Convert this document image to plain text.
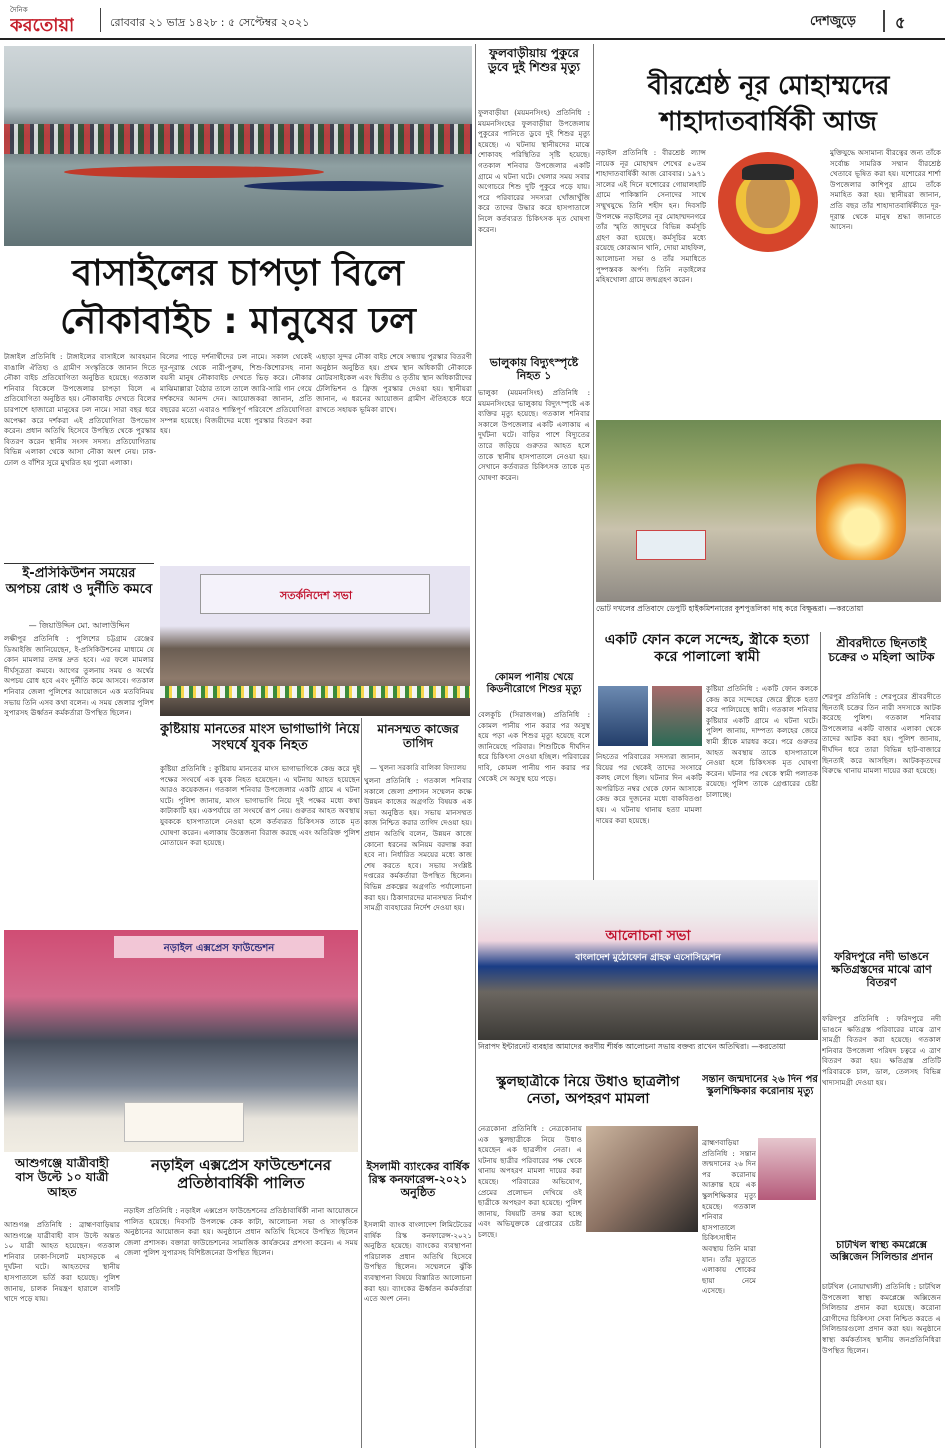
দৈনিক
করতোয়া	রোববার ২১ ভাদ্র ১৪২৮ : ৫ সেপ্টেম্বর ২০২১	দেশজুড়ে ৫
বাসাইলের চাপড়া বিলে নৌকাবাইচ : মানুষের ঢল
টাঙ্গাইল প্রতিনিধি : টাঙ্গাইলের বাসাইলে আবহমান বাঙালি ঐতিহ্য ও গ্রামীণ সংস্কৃতিকে জানান দিতে নৌকা বাইচ প্রতিযোগিতা অনুষ্ঠিত হয়েছে। গতকাল শনিবার বিকেলে উপজেলার চাপড়া বিলে এ প্রতিযোগিতা অনুষ্ঠিত হয়। নৌকাবাইচ দেখতে বিলের চারপাশে হাজারো মানুষের ঢল নামে। সারা বছর ধরে অপেক্ষা করে দর্শকরা এই প্রতিযোগিতা উপভোগ করেন। প্রধান অতিথি হিসেবে উপস্থিত থেকে পুরস্কার বিতরণ করেন স্থানীয় সংসদ সদস্য। প্রতিযোগিতায় বিভিন্ন এলাকা থেকে আসা নৌকা অংশ নেয়। ঢাক-ঢোল ও বাঁশির সুরে মুখরিত হয় পুরো এলাকা।
বিলের পাড়ে দর্শনার্থীদের ঢল নামে। সকাল থেকেই দূর-দূরান্ত থেকে নারী-পুরুষ, শিশু-কিশোরসহ নানা বয়সী মানুষ নৌকাবাইচ দেখতে ভিড় করে। নৌকার মাঝিমাল্লারা বৈঠার তালে তালে জারি-সারি গান গেয়ে দর্শকদের আনন্দ দেন। আয়োজকরা জানান, প্রতি বছরের মতো এবারও শান্তিপূর্ণ পরিবেশে প্রতিযোগিতা সম্পন্ন হয়েছে। বিজয়ীদের মধ্যে পুরস্কার বিতরণ করা হয়।
এছাড়া সুন্দর নৌকা বাইচ শেষে সন্ধ্যায় পুরস্কার বিতরণী অনুষ্ঠান অনুষ্ঠিত হয়। প্রথম স্থান অধিকারী নৌকাকে মোটরসাইকেল এবং দ্বিতীয় ও তৃতীয় স্থান অধিকারীদের টেলিভিশন ও ফ্রিজ পুরস্কার দেওয়া হয়। স্থানীয়রা জানান, এ ধরনের আয়োজন গ্রামীণ ঐতিহ্যকে ধরে রাখতে সহায়ক ভূমিকা রাখে।
ই-প্রসিকিউশন সময়ের অপচয় রোধ ও দুর্নীতি কমবে
— জিয়াউদ্দিন মো. আলাউদ্দিন
লক্ষীপুর প্রতিনিধি : পুলিশের চট্টগ্রাম রেঞ্জের ডিআইজি জানিয়েছেন, ই-প্রসিকিউশনের মাধ্যমে যে কোন মামলার তদন্ত দ্রুত হবে। এর ফলে মামলার দীর্ঘসূত্রতা কমবে। আগের তুলনায় সময় ও অর্থের অপচয় রোধ হবে এবং দুর্নীতি কমে আসবে। গতকাল শনিবার জেলা পুলিশের আয়োজনে এক মতবিনিময় সভায় তিনি এসব কথা বলেন। এ সময় জেলার পুলিশ সুপারসহ ঊর্ধ্বতন কর্মকর্তারা উপস্থিত ছিলেন।
সতর্কনিদেশ সভা
কুষ্টিয়ায় মানতের মাংস ভাগাভাগি নিয়ে সংঘর্ষে যুবক নিহত
কুষ্টিয়া প্রতিনিধি : কুষ্টিয়ায় মানতের মাংস ভাগাভাগিকে কেন্দ্র করে দুই পক্ষের সংঘর্ষে এক যুবক নিহত হয়েছেন। এ ঘটনায় আহত হয়েছেন আরও কয়েকজন। গতকাল শনিবার উপজেলার একটি গ্রামে এ ঘটনা ঘটে। পুলিশ জানায়, মাংস ভাগাভাগি নিয়ে দুই পক্ষের মধ্যে কথা কাটাকাটি হয়। একপর্যায়ে তা সংঘর্ষে রূপ নেয়। গুরুতর আহত অবস্থায় যুবককে হাসপাতালে নেওয়া হলে কর্তব্যরত চিকিৎসক তাকে মৃত ঘোষণা করেন। এলাকায় উত্তেজনা বিরাজ করছে এবং অতিরিক্ত পুলিশ মোতায়েন করা হয়েছে।
মানসম্মত কাজের তাগিদ
— খুলনা সরকারি বালিকা বিদ্যালয়
খুলনা প্রতিনিধি : গতকাল শনিবার সকালে জেলা প্রশাসন সম্মেলন কক্ষে উন্নয়ন কাজের অগ্রগতি বিষয়ক এক সভা অনুষ্ঠিত হয়। সভায় মানসম্মত কাজ নিশ্চিত করার তাগিদ দেওয়া হয়। প্রধান অতিথি বলেন, উন্নয়ন কাজে কোনো ধরনের অনিয়ম বরদাস্ত করা হবে না। নির্ধারিত সময়ের মধ্যে কাজ শেষ করতে হবে। সভায় সংশ্লিষ্ট দপ্তরের কর্মকর্তারা উপস্থিত ছিলেন। বিভিন্ন প্রকল্পের অগ্রগতি পর্যালোচনা করা হয়। ঠিকাদারদের মানসম্মত নির্মাণ সামগ্রী ব্যবহারের নির্দেশ দেওয়া হয়।
নড়াইল এক্সপ্রেস ফাউন্ডেশন
আশুগঞ্জে যাত্রীবাহী বাস উল্টে ১০ যাত্রী আহত
আশুগঞ্জ প্রতিনিধি : ব্রাহ্মণবাড়িয়ার আশুগঞ্জে যাত্রীবাহী বাস উল্টে অন্তত ১০ যাত্রী আহত হয়েছেন। গতকাল শনিবার ঢাকা-সিলেট মহাসড়কে এ দুর্ঘটনা ঘটে। আহতদের স্থানীয় হাসপাতালে ভর্তি করা হয়েছে। পুলিশ জানায়, চালক নিয়ন্ত্রণ হারালে বাসটি খাদে পড়ে যায়।
নড়াইল এক্সপ্রেস ফাউন্ডেশনের প্রতিষ্ঠাবার্ষিকী পালিত
নড়াইল প্রতিনিধি : নড়াইল এক্সপ্রেস ফাউন্ডেশনের প্রতিষ্ঠাবার্ষিকী নানা আয়োজনে পালিত হয়েছে। দিবসটি উপলক্ষে কেক কাটা, আলোচনা সভা ও সাংস্কৃতিক অনুষ্ঠানের আয়োজন করা হয়। অনুষ্ঠানে প্রধান অতিথি হিসেবে উপস্থিত ছিলেন জেলা প্রশাসক। বক্তারা ফাউন্ডেশনের সামাজিক কার্যক্রমের প্রশংসা করেন। এ সময় জেলা পুলিশ সুপারসহ বিশিষ্টজনেরা উপস্থিত ছিলেন।
ইসলামী ব্যাংকের বার্ষিক রিস্ক কনফারেন্স-২০২১ অনুষ্ঠিত
ইসলামী ব্যাংক বাংলাদেশ লিমিটেডের বার্ষিক রিস্ক কনফারেন্স-২০২১ অনুষ্ঠিত হয়েছে। ব্যাংকের ব্যবস্থাপনা পরিচালক প্রধান অতিথি হিসেবে উপস্থিত ছিলেন। সম্মেলনে ঝুঁকি ব্যবস্থাপনা বিষয়ে বিস্তারিত আলোচনা করা হয়। ব্যাংকের ঊর্ধ্বতন কর্মকর্তারা এতে অংশ নেন।
ফুলবাড়ীয়ায় পুকুরে ডুবে দুই শিশুর মৃত্যু
ফুলবাড়ীয়া (ময়মনসিংহ) প্রতিনিধি : ময়মনসিংহের ফুলবাড়ীয়া উপজেলায় পুকুরের পানিতে ডুবে দুই শিশুর মৃত্যু হয়েছে। এ ঘটনায় স্থানীয়দের মাঝে শোকাবহ পরিস্থিতির সৃষ্টি হয়েছে। গতকাল শনিবার উপজেলার একটি গ্রামে এ ঘটনা ঘটে। খেলার সময় সবার অগোচরে শিশু দুটি পুকুরে পড়ে যায়। পরে পরিবারের সদস্যরা খোঁজাখুঁজি করে তাদের উদ্ধার করে হাসপাতালে নিলে কর্তব্যরত চিকিৎসক মৃত ঘোষণা করেন।
ভালুকায় বিদ্যুৎস্পৃষ্টে নিহত ১
ভালুকা (ময়মনসিংহ) প্রতিনিধি : ময়মনসিংহের ভালুকায় বিদ্যুৎস্পৃষ্টে এক ব্যক্তির মৃত্যু হয়েছে। গতকাল শনিবার সকালে উপজেলার একটি এলাকায় এ দুর্ঘটনা ঘটে। বাড়ির পাশে বিদ্যুতের তারে জড়িয়ে গুরুতর আহত হলে তাকে স্থানীয় হাসপাতালে নেওয়া হয়। সেখানে কর্তব্যরত চিকিৎসক তাকে মৃত ঘোষণা করেন।
কোমল পানীয় খেয়ে কিডনীরোগে শিশুর মৃত্যু
বেলকুচি (সিরাজগঞ্জ) প্রতিনিধি : কোমল পানীয় পান করার পর অসুস্থ হয়ে পড়া এক শিশুর মৃত্যু হয়েছে বলে জানিয়েছে পরিবার। শিশুটিকে দীর্ঘদিন ধরে চিকিৎসা দেওয়া হচ্ছিল। পরিবারের দাবি, কোমল পানীয় পান করার পর থেকেই সে অসুস্থ হয়ে পড়ে।
বীরশ্রেষ্ঠ নূর মোহাম্মদের শাহাদাতবার্ষিকী আজ
নড়াইল প্রতিনিধি : বীরশ্রেষ্ঠ ল্যান্স নায়েক নূর মোহাম্মদ শেখের ৫০তম শাহাদাতবার্ষিকী আজ রোববার। ১৯৭১ সালের এই দিনে যশোরের গোয়ালহাটি গ্রামে পাকিস্তানি সেনাদের সাথে সম্মুখযুদ্ধে তিনি শহীদ হন। দিবসটি উপলক্ষে নড়াইলের নূর মোহাম্মদনগরে তাঁর স্মৃতি জাদুঘরে বিভিন্ন কর্মসূচি গ্রহণ করা হয়েছে। কর্মসূচির মধ্যে রয়েছে কোরআন খানি, দোয়া মাহফিল, আলোচনা সভা ও তাঁর সমাধিতে পুষ্পস্তবক অর্পণ। তিনি নড়াইলের মহিষখোলা গ্রামে জন্মগ্রহণ করেন।
মুক্তিযুদ্ধে অসামান্য বীরত্বের জন্য তাঁকে সর্বোচ্চ সামরিক সম্মান বীরশ্রেষ্ঠ খেতাবে ভূষিত করা হয়। যশোরের শার্শা উপজেলার কাশিপুর গ্রামে তাঁকে সমাহিত করা হয়। স্থানীয়রা জানান, প্রতি বছর তাঁর শাহাদাতবার্ষিকীতে দূর-দূরান্ত থেকে মানুষ শ্রদ্ধা জানাতে আসেন।
ভোট দখলের প্রতিবাদে ডেপুটি হাইকমিশনারের কুশপুত্তলিকা দাহ করে বিক্ষুব্ধরা। —করতোয়া
একটি ফোন কলে সন্দেহ, স্ত্রীকে হত্যা করে পালালো স্বামী
কুষ্টিয়া প্রতিনিধি : একটি ফোন কলকে কেন্দ্র করে সন্দেহের জেরে স্ত্রীকে হত্যা করে পালিয়েছে স্বামী। গতকাল শনিবার কুষ্টিয়ার একটি গ্রামে এ ঘটনা ঘটে। পুলিশ জানায়, দাম্পত্য কলহের জেরে স্বামী স্ত্রীকে মারধর করে। পরে গুরুতর আহত অবস্থায় তাকে হাসপাতালে নেওয়া হলে চিকিৎসক মৃত ঘোষণা করেন। ঘটনার পর থেকে স্বামী পলাতক রয়েছে। পুলিশ তাকে গ্রেপ্তারের চেষ্টা চালাচ্ছে।
নিহতের পরিবারের সদস্যরা জানান, বিয়ের পর থেকেই তাদের সংসারে কলহ লেগে ছিল। ঘটনার দিন একটি অপরিচিত নম্বর থেকে ফোন আসাকে কেন্দ্র করে দুজনের মধ্যে বাকবিতণ্ডা হয়। এ ঘটনায় থানায় হত্যা মামলা দায়ের করা হয়েছে।
শ্রীবরদীতে ছিনতাই চক্রের ৩ মহিলা আটক
শেরপুর প্রতিনিধি : শেরপুরের শ্রীবরদীতে ছিনতাই চক্রের তিন নারী সদস্যকে আটক করেছে পুলিশ। গতকাল শনিবার উপজেলার একটি বাজার এলাকা থেকে তাদের আটক করা হয়। পুলিশ জানায়, দীর্ঘদিন ধরে তারা বিভিন্ন হাট-বাজারে ছিনতাই করে আসছিল। আটককৃতদের বিরুদ্ধে থানায় মামলা দায়ের করা হয়েছে।
ফরিদপুরে নদী ভাঙনে ক্ষতিগ্রস্তদের মাঝে ত্রাণ বিতরণ
ফরিদপুর প্রতিনিধি : ফরিদপুরে নদী ভাঙনে ক্ষতিগ্রস্ত পরিবারের মাঝে ত্রাণ সামগ্রী বিতরণ করা হয়েছে। গতকাল শনিবার উপজেলা পরিষদ চত্বরে এ ত্রাণ বিতরণ করা হয়। ক্ষতিগ্রস্ত প্রতিটি পরিবারকে চাল, ডাল, তেলসহ বিভিন্ন খাদ্যসামগ্রী দেওয়া হয়।
চাটখিল স্বাস্থ্য কমপ্লেক্সে অক্সিজেন সিলিন্ডার প্রদান
চাটখিল (নোয়াখালী) প্রতিনিধি : চাটখিল উপজেলা স্বাস্থ্য কমপ্লেক্সে অক্সিজেন সিলিন্ডার প্রদান করা হয়েছে। করোনা রোগীদের চিকিৎসা সেবা নিশ্চিত করতে এ সিলিন্ডারগুলো প্রদান করা হয়। অনুষ্ঠানে স্বাস্থ্য কর্মকর্তাসহ স্থানীয় জনপ্রতিনিধিরা উপস্থিত ছিলেন।
আলোচনা সভা
বাংলাদেশ মুঠোফোন গ্রাহক এসোসিয়েশন
নিরাপদ ইন্টারনেট ব্যবহার আমাদের করণীয় শীর্ষক আলোচনা সভায় বক্তব্য রাখেন অতিথিরা। —করতোয়া
স্কুলছাত্রীকে নিয়ে উধাও ছাত্রলীগ নেতা, অপহরণ মামলা
নেত্রকোনা প্রতিনিধি : নেত্রকোনায় এক স্কুলছাত্রীকে নিয়ে উধাও হয়েছেন এক ছাত্রলীগ নেতা। এ ঘটনায় ছাত্রীর পরিবারের পক্ষ থেকে থানায় অপহরণ মামলা দায়ের করা হয়েছে। পরিবারের অভিযোগ, প্রেমের প্রলোভন দেখিয়ে ওই ছাত্রীকে অপহরণ করা হয়েছে। পুলিশ জানায়, বিষয়টি তদন্ত করা হচ্ছে এবং অভিযুক্তকে গ্রেপ্তারের চেষ্টা চলছে।
সন্তান জন্মদানের ২৬ দিন পর স্কুলশিক্ষিকার করোনায় মৃত্যু
ব্রাহ্মণবাড়িয়া প্রতিনিধি : সন্তান জন্মদানের ২৬ দিন পর করোনায় আক্রান্ত হয়ে এক স্কুলশিক্ষিকার মৃত্যু হয়েছে। গতকাল শনিবার হাসপাতালে চিকিৎসাধীন অবস্থায় তিনি মারা যান। তাঁর মৃত্যুতে এলাকায় শোকের ছায়া নেমে এসেছে।
